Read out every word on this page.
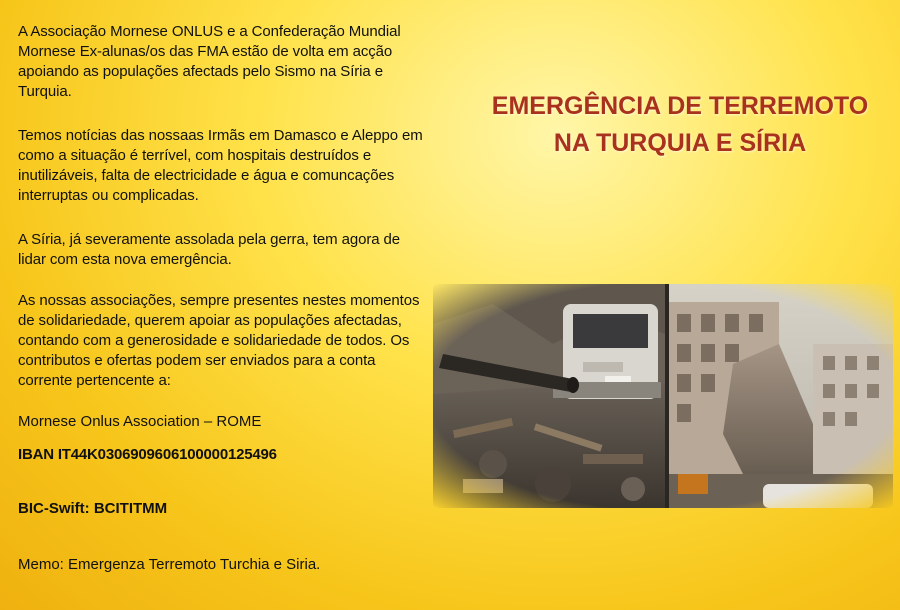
A Associação Mornese ONLUS e a Confederação Mundial Mornese Ex-alunas/os das FMA estão de volta em acção apoiando as populações afectads pelo Sismo na Síria e Turquia.

Temos notícias das nossaas Irmãs em Damasco e Aleppo em como a situação é terrível, com hospitais destruídos e inutilizáveis, falta de electricidade e água e comuncações interruptas ou complicadas.

A Síria, já severamente assolada pela gerra, tem agora de lidar com esta nova emergência.

As nossas associações, sempre presentes nestes momentos de solidariedade, querem apoiar as populações afectadas, contando com a generosidade e solidariedade de todos. Os contributos e ofertas podem ser enviados para a conta corrente pertencente a:

Mornese Onlus Association – ROME
IBAN IT44K0306909606100000125496
BIC-Swift: BCITITMM
Memo: Emergenza Terremoto Turchia e Siria.
EMERGÊNCIA DE TERREMOTO
NA TURQUIA E SÍRIA
